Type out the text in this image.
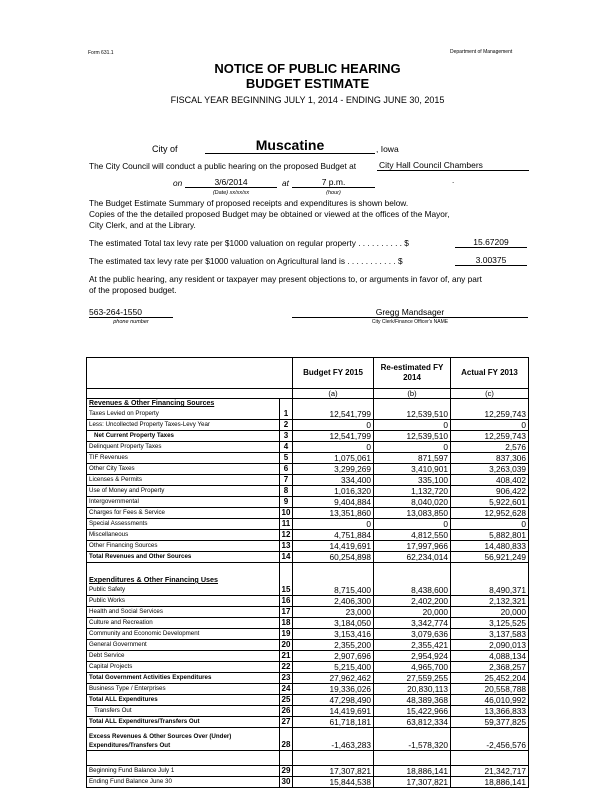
Form 631.1	Department of Management
NOTICE OF PUBLIC HEARING
BUDGET ESTIMATE
FISCAL YEAR BEGINNING JULY 1, 2014 - ENDING JUNE 30, 2015
City of	Muscatine	, Iowa
The City Council will conduct a public hearing on the proposed Budget at	City Hall Council Chambers
on	3/6/2014	at	7 p.m.	.
(Date) xx/xx/xx	(hour)
The Budget Estimate Summary of proposed receipts and expenditures is shown below.
Copies of the the detailed proposed Budget may be obtained or viewed at the offices of the Mayor,
City Clerk, and at the Library.
The estimated Total tax levy rate per $1000 valuation on regular property . . . . . . . . . . $	15.67209
The estimated tax levy rate per $1000 valuation on Agricultural land is . . . . . . . . . . . $	3.00375
At the public hearing, any resident or taxpayer may present objections to, or arguments in favor of, any part
of the proposed budget.
563-264-1550
phone number
Gregg Mandsager
City Clerk/Finance Officer's NAME
		Budget FY 2015	Re-estimated FY 2014	Actual FY 2013
		(a)	(b)	(c)
Revenues & Other Financing Sources				
Taxes Levied on Property	1	12,541,799	12,539,510	12,259,743
Less: Uncollected Property Taxes-Levy Year	2	0	0	0
Net Current Property Taxes	3	12,541,799	12,539,510	12,259,743
Delinquent Property Taxes	4	0	0	2,576
TIF Revenues	5	1,075,061	871,597	837,306
Other City Taxes	6	3,299,269	3,410,901	3,263,039
Licenses & Permits	7	334,400	335,100	408,402
Use of Money and Property	8	1,016,320	1,132,720	906,422
Intergovernmental	9	9,404,884	8,040,020	5,922,601
Charges for Fees & Service	10	13,351,860	13,083,850	12,952,628
Special Assessments	11	0	0	0
Miscellaneous	12	4,751,884	4,812,550	5,882,801
Other Financing Sources	13	14,419,691	17,997,966	14,480,833
Total Revenues and Other Sources	14	60,254,898	62,234,014	56,921,249
Expenditures & Other Financing Uses				
Public Safety	15	8,715,400	8,438,600	8,490,371
Public Works	16	2,406,300	2,402,200	2,132,321
Health and Social Services	17	23,000	20,000	20,000
Culture and Recreation	18	3,184,050	3,342,774	3,125,525
Community and Economic Development	19	3,153,416	3,079,636	3,137,583
General Government	20	2,355,200	2,355,421	2,090,013
Debt Service	21	2,907,696	2,954,924	4,088,134
Capital Projects	22	5,215,400	4,965,700	2,368,257
Total Government Activities Expenditures	23	27,962,462	27,559,255	25,452,204
Business Type / Enterprises	24	19,336,026	20,830,113	20,558,788
Total ALL Expenditures	25	47,298,490	48,389,368	46,010,992
Transfers Out	26	14,419,691	15,422,966	13,366,833
Total ALL Expenditures/Transfers Out	27	61,718,181	63,812,334	59,377,825
Excess Revenues & Other Sources Over (Under) Expenditures/Transfers Out	28	-1,463,283	-1,578,320	-2,456,576

Beginning Fund Balance July 1	29	17,307,821	18,886,141	21,342,717
Ending Fund Balance June 30	30	15,844,538	17,307,821	18,886,141
